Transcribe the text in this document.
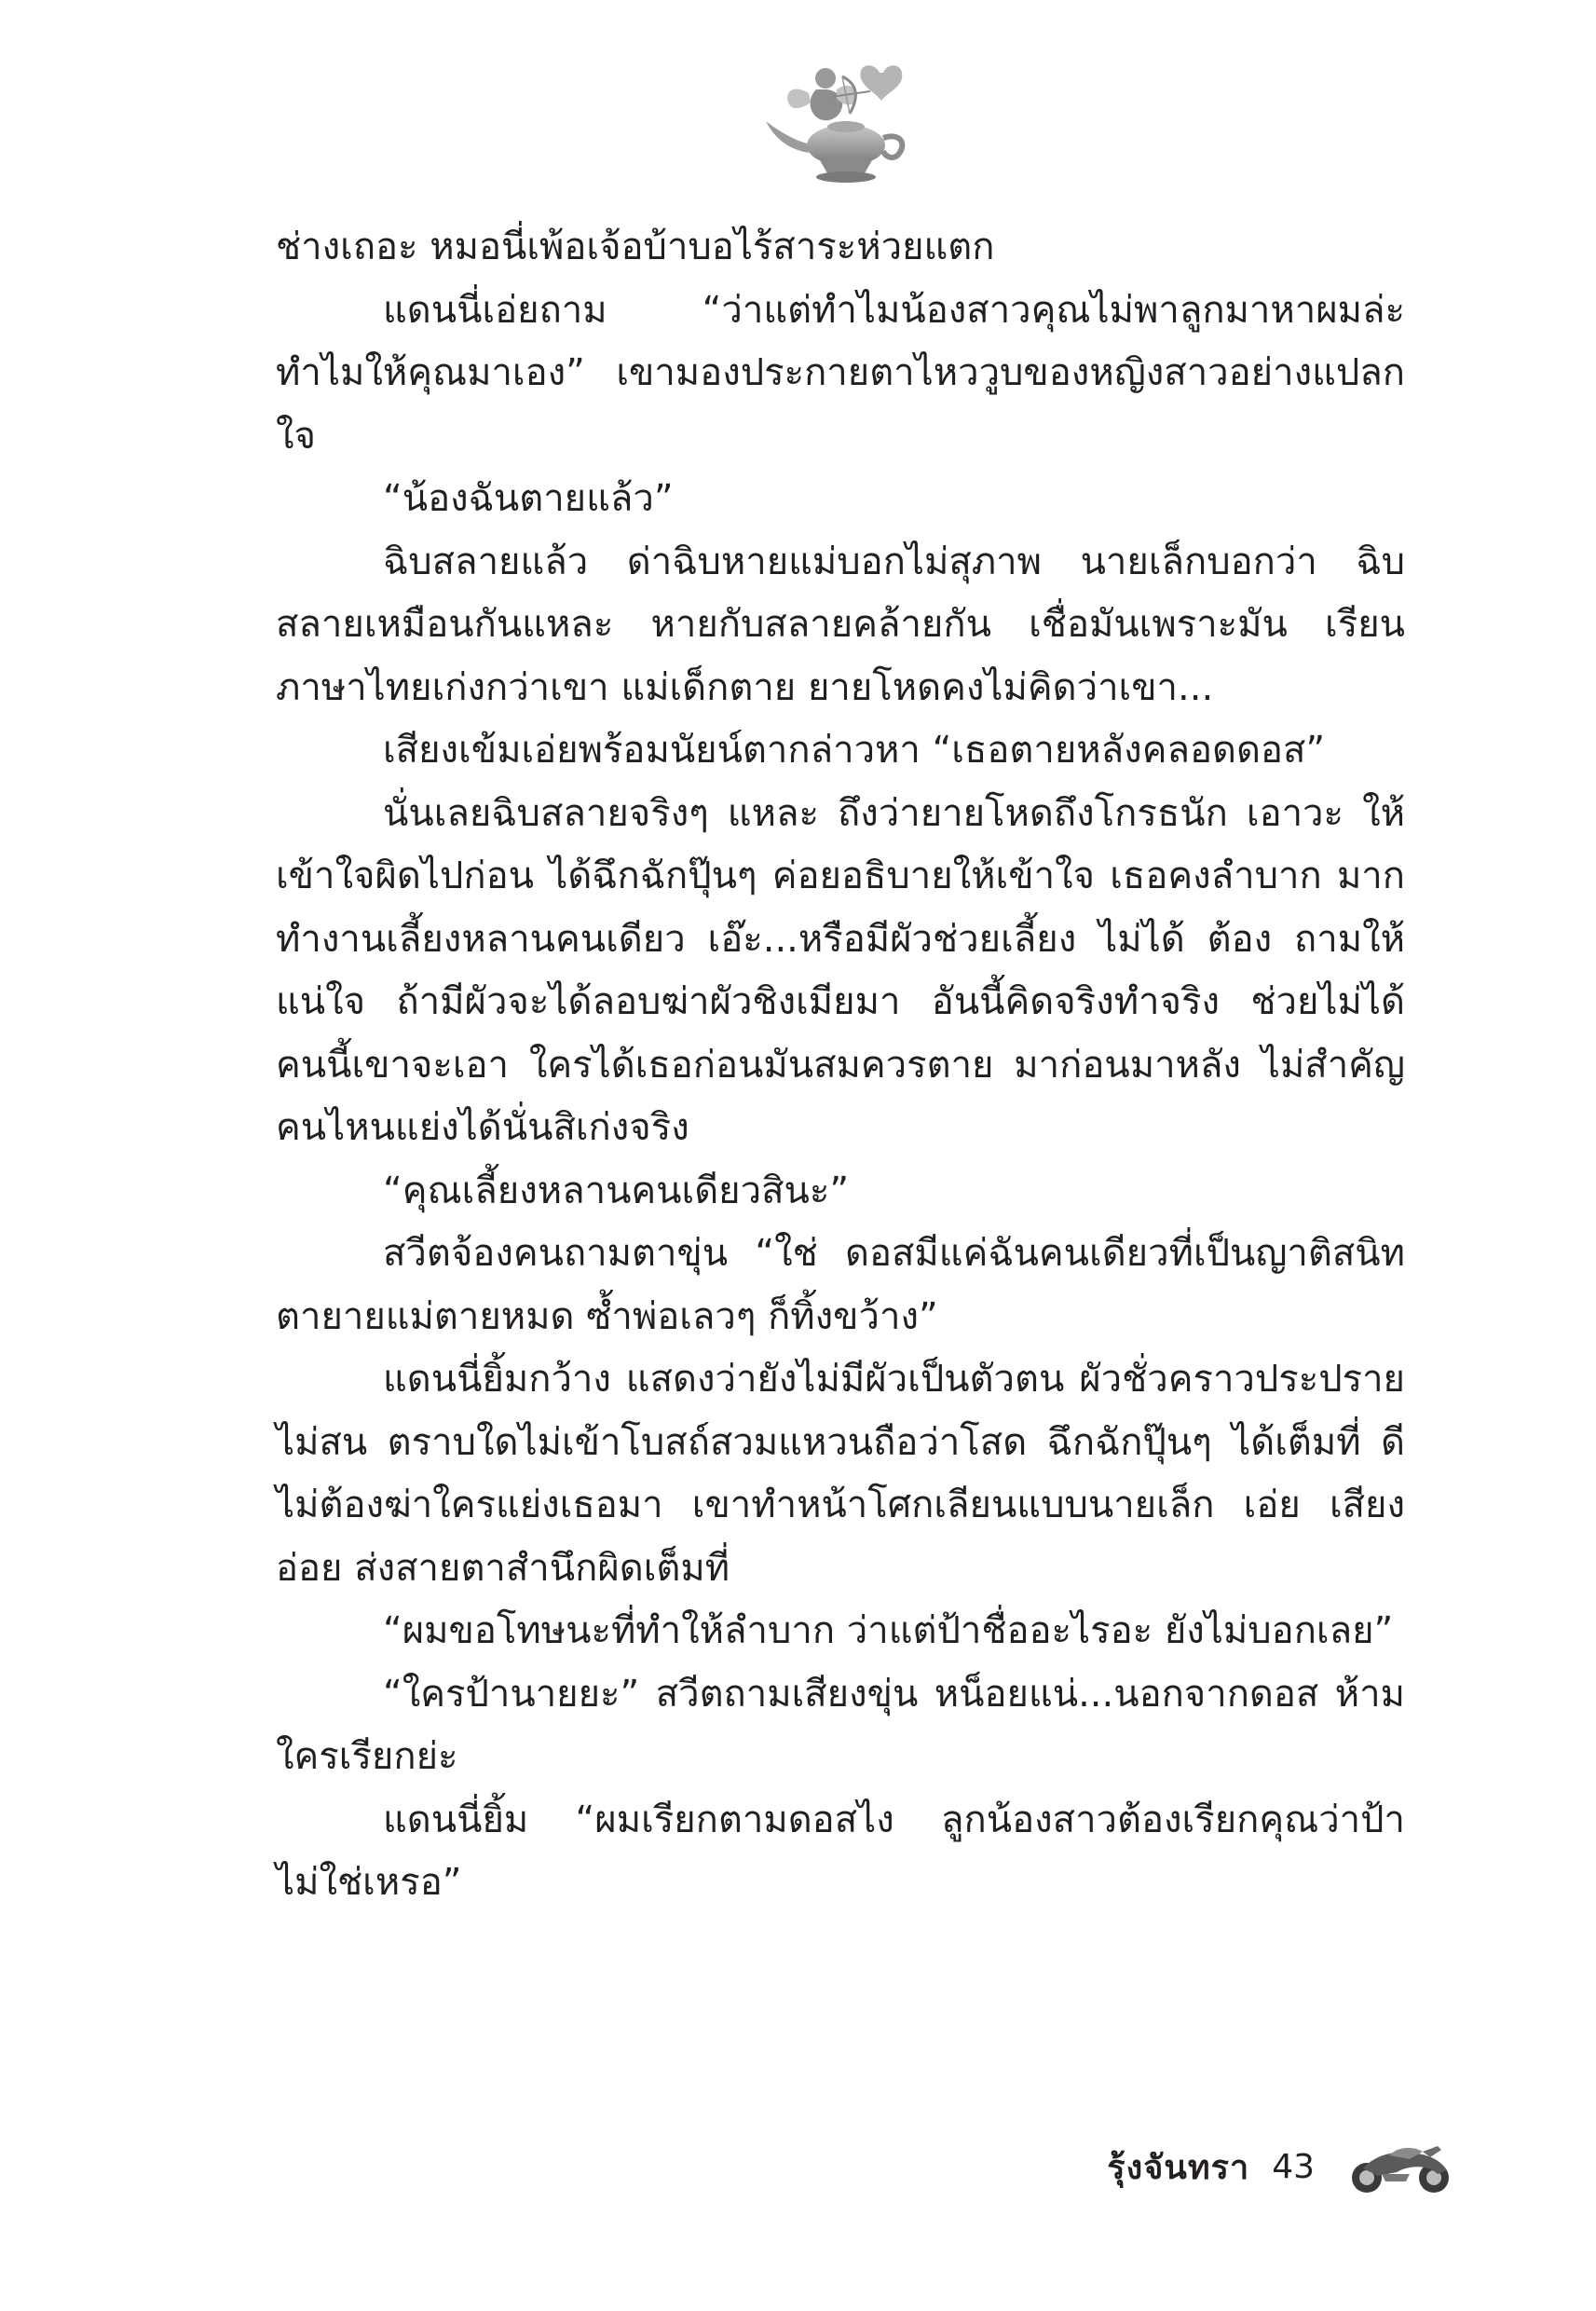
ช่างเถอะ หมอนี่เพ้อเจ้อบ้าบอไร้สาระห่วยแตก

แดนนี่เอ่ยถาม “ว่าแต่ทำไมน้องสาวคุณไม่พาลูกมาหาผมล่ะ ทำไมให้คุณมาเอง” เขามองประกายตาไหววูบของหญิงสาวอย่างแปลกใจ

“น้องฉันตายแล้ว”

ฉิบสลายแล้ว ด่าฉิบหายแม่บอกไม่สุภาพ นายเล็กบอกว่า ฉิบสลายเหมือนกันแหละ หายกับสลายคล้ายกัน เชื่อมันเพราะมัน เรียนภาษาไทยเก่งกว่าเขา แม่เด็กตาย ยายโหดคงไม่คิดว่าเขา...

เสียงเข้มเอ่ยพร้อมนัยน์ตากล่าวหา “เธอตายหลังคลอดดอส”

นั่นเลยฉิบสลายจริงๆ แหละ ถึงว่ายายโหดถึงโกรธนัก เอาวะ ให้เข้าใจผิดไปก่อน ได้ฉึกฉักปุ๊นๆ ค่อยอธิบายให้เข้าใจ เธอคงลำบาก มาก ทำงานเลี้ยงหลานคนเดียว เอ๊ะ...หรือมีผัวช่วยเลี้ยง ไม่ได้ ต้อง ถามให้แน่ใจ ถ้ามีผัวจะได้ลอบฆ่าผัวชิงเมียมา อันนี้คิดจริงทำจริง ช่วยไม่ได้ คนนี้เขาจะเอา ใครได้เธอก่อนมันสมควรตาย มาก่อนมาหลัง ไม่สำคัญ คนไหนแย่งได้นั่นสิเก่งจริง

“คุณเลี้ยงหลานคนเดียวสินะ”

สวีตจ้องคนถามตาขุ่น “ใช่ ดอสมีแค่ฉันคนเดียวที่เป็นญาติสนิท ตายายแม่ตายหมด ซ้ำพ่อเลวๆ ก็ทิ้งขว้าง”

แดนนี่ยิ้มกว้าง แสดงว่ายังไม่มีผัวเป็นตัวตน ผัวชั่วคราวประปราย ไม่สน ตราบใดไม่เข้าโบสถ์สวมแหวนถือว่าโสด ฉึกฉักปุ๊นๆ ได้เต็มที่ ดีไม่ต้องฆ่าใครแย่งเธอมา เขาทำหน้าโศกเลียนแบบนายเล็ก เอ่ย เสียงอ่อย ส่งสายตาสำนึกผิดเต็มที่

“ผมขอโทษนะที่ทำให้ลำบาก ว่าแต่ป้าชื่ออะไรอะ ยังไม่บอกเลย”

“ใครป้านายยะ” สวีตถามเสียงขุ่น หน็อยแน่...นอกจากดอส ห้ามใครเรียกย่ะ

แดนนี่ยิ้ม “ผมเรียกตามดอสไง ลูกน้องสาวต้องเรียกคุณว่าป้า ไม่ใช่เหรอ”

รุ้งจันทรา 43
